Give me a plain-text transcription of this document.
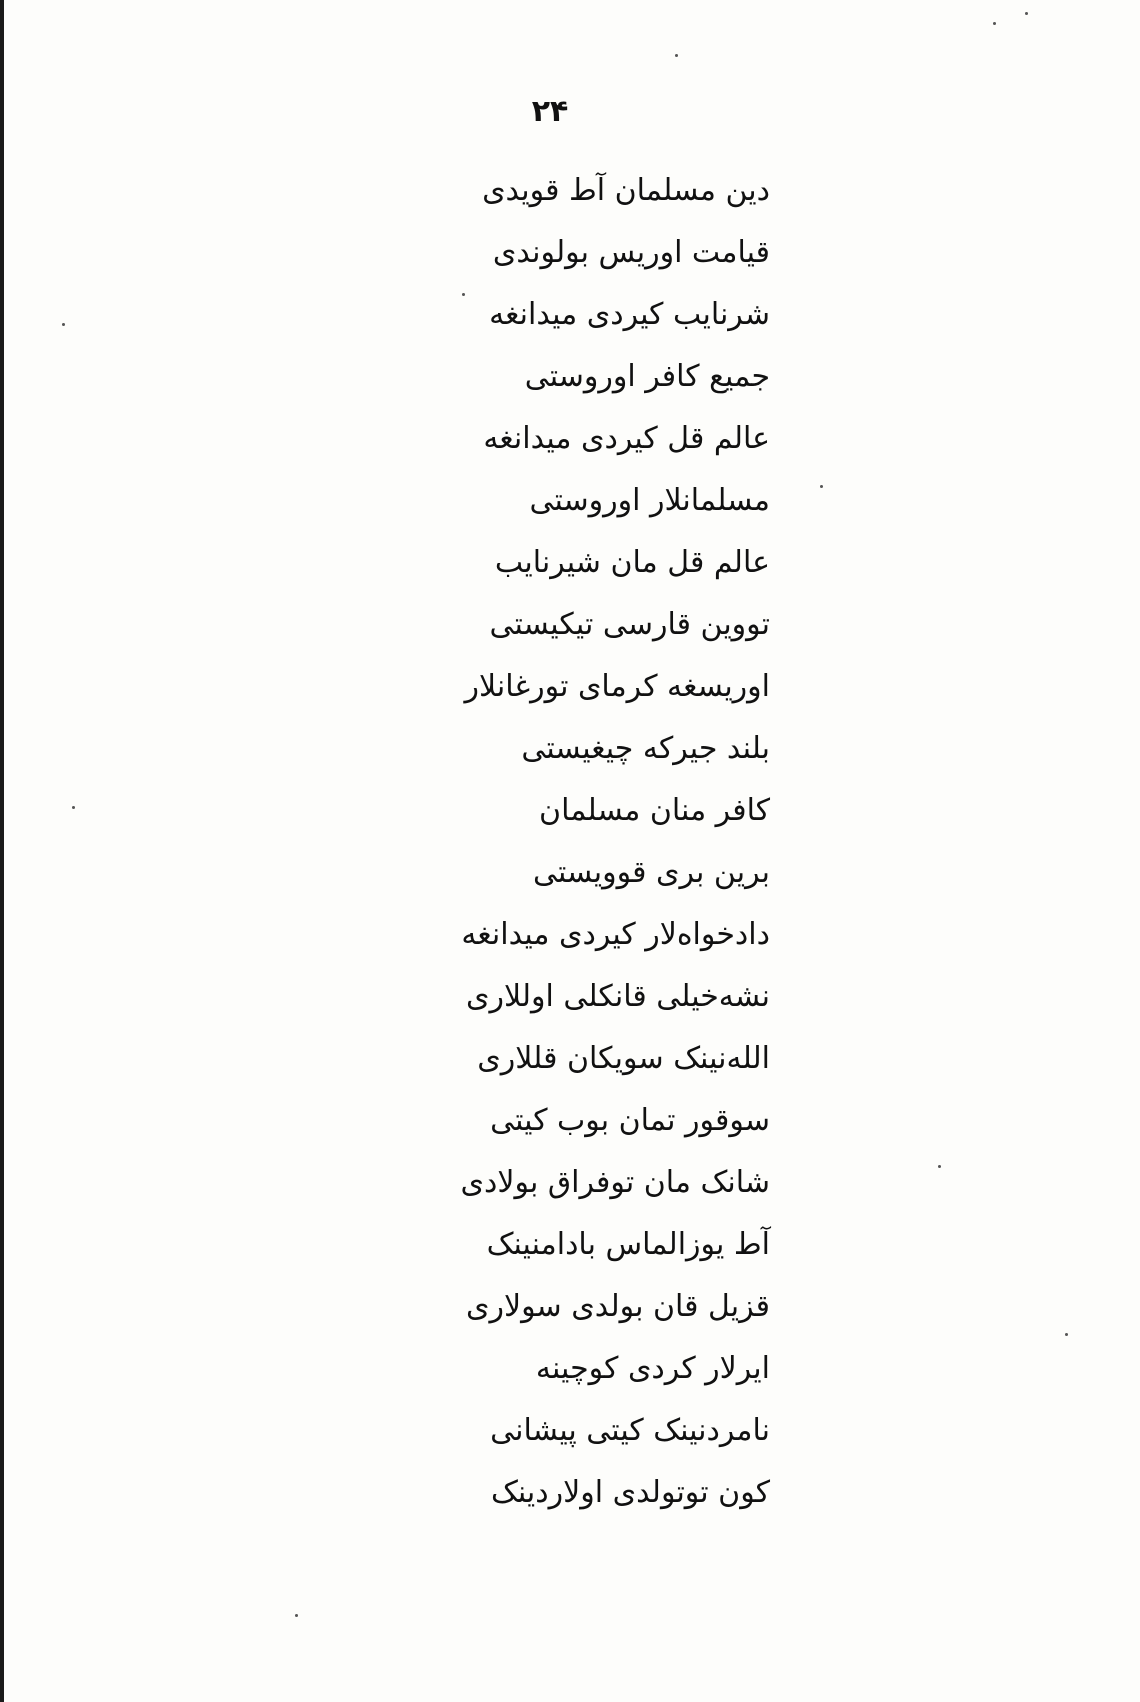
۲۴
دین مسلمان آط قویدی
قیامت اوریس بولوندی
شرنایب کیردی میدانغه
جمیع کافر اوروستی
عالم قل کیردی میدانغه
مسلمانلار اوروستی
عالم قل مان شیرنایب
تووین قارسی تیکیستی
اوریسغه کرمای تورغانلار
بلند جیرکه چیغیستی
کافر منان مسلمان
برین بری قوویستی
دادخواه‌لار کیردی میدانغه
نشه‌خیلی قانکلی اوللاری
الله‌نینک سویکان قللاری
سوقور تمان بوب کیتی
شانک مان توفراق بولادی
آط یوزالماس بادامنینک
قزیل قان بولدی سولاری
ایرلار کردی کوچینه
نامردنینک کیتی پیشانی
کون توتولدی اولاردینک
